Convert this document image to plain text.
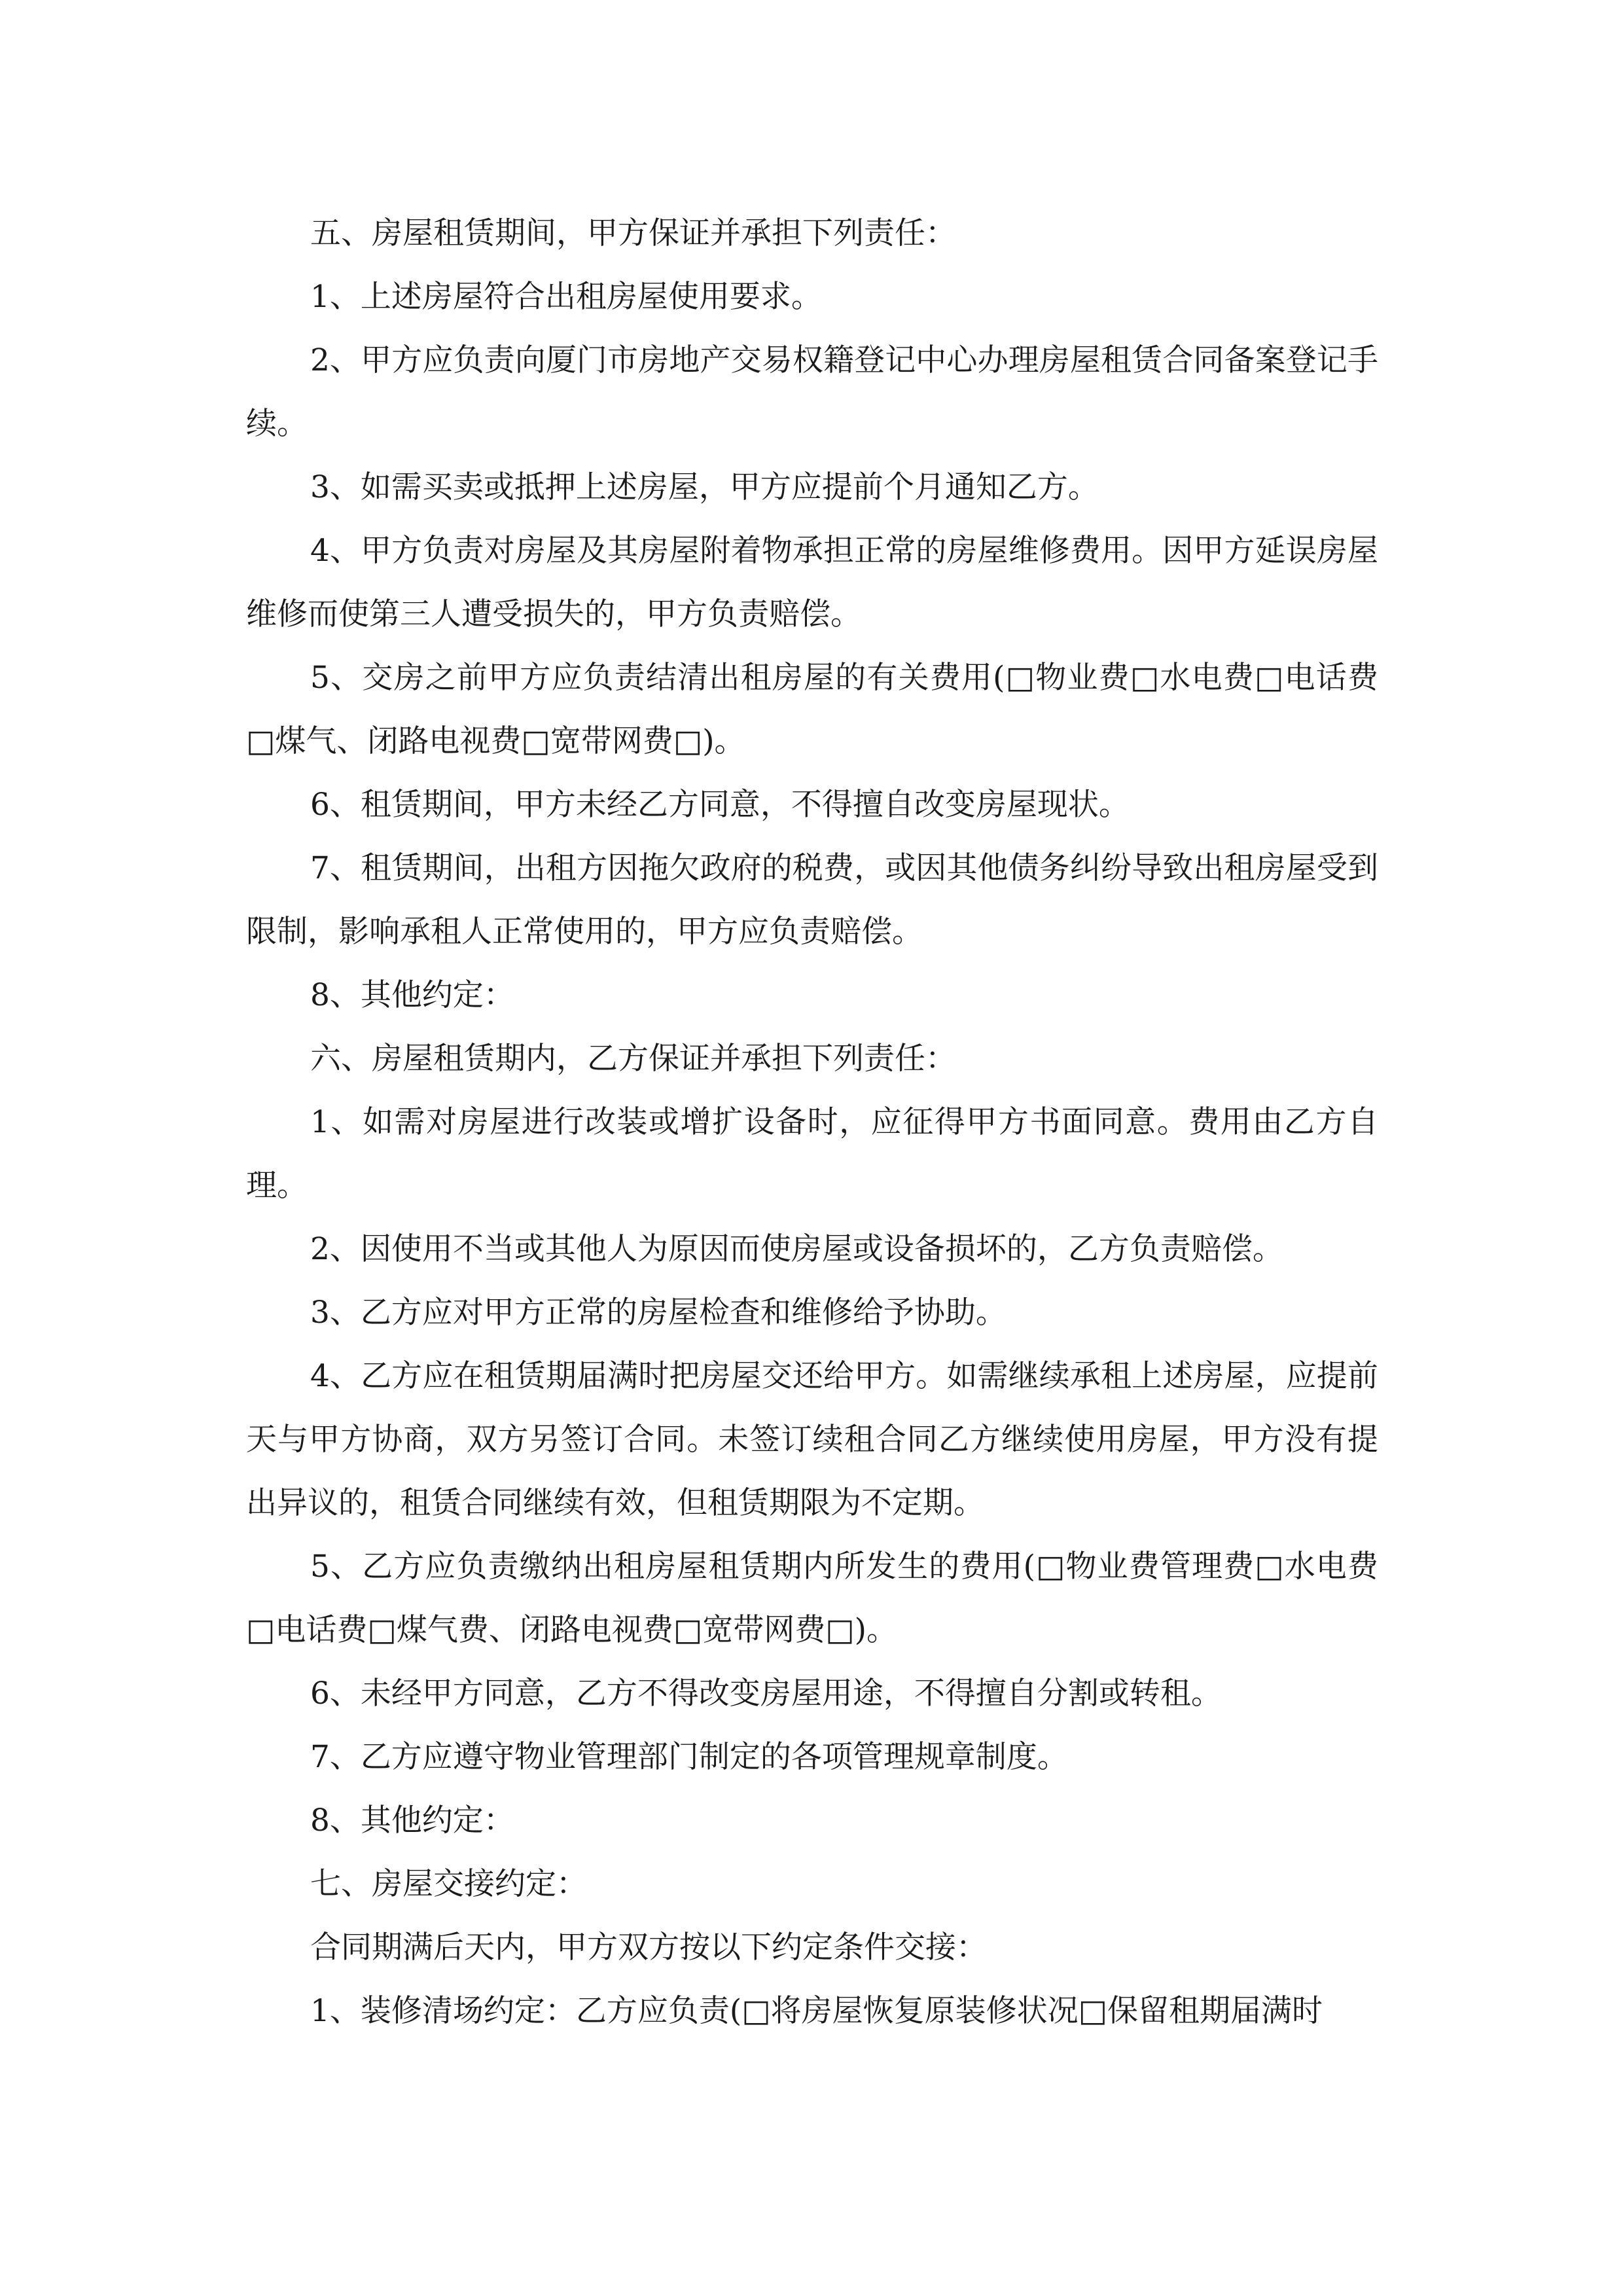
五、房屋租赁期间，甲方保证并承担下列责任：

1、上述房屋符合出租房屋使用要求。

2、甲方应负责向厦门市房地产交易权籍登记中心办理房屋租赁合同备案登记手续。

3、如需买卖或抵押上述房屋，甲方应提前个月通知乙方。

4、甲方负责对房屋及其房屋附着物承担正常的房屋维修费用。因甲方延误房屋维修而使第三人遭受损失的，甲方负责赔偿。

5、交房之前甲方应负责结清出租房屋的有关费用(□物业费□水电费□电话费□煤气、闭路电视费□宽带网费□)。

6、租赁期间，甲方未经乙方同意，不得擅自改变房屋现状。

7、租赁期间，出租方因拖欠政府的税费，或因其他债务纠纷导致出租房屋受到限制，影响承租人正常使用的，甲方应负责赔偿。

8、其他约定：

六、房屋租赁期内，乙方保证并承担下列责任：

1、如需对房屋进行改装或增扩设备时，应征得甲方书面同意。费用由乙方自理。

2、因使用不当或其他人为原因而使房屋或设备损坏的，乙方负责赔偿。

3、乙方应对甲方正常的房屋检查和维修给予协助。

4、乙方应在租赁期届满时把房屋交还给甲方。如需继续承租上述房屋，应提前天与甲方协商，双方另签订合同。未签订续租合同乙方继续使用房屋，甲方没有提出异议的，租赁合同继续有效，但租赁期限为不定期。

5、乙方应负责缴纳出租房屋租赁期内所发生的费用(□物业费管理费□水电费□电话费□煤气费、闭路电视费□宽带网费□)。

6、未经甲方同意，乙方不得改变房屋用途，不得擅自分割或转租。

7、乙方应遵守物业管理部门制定的各项管理规章制度。

8、其他约定：

七、房屋交接约定：

合同期满后天内，甲方双方按以下约定条件交接：

1、装修清场约定：乙方应负责(□将房屋恢复原装修状况□保留租期届满时
